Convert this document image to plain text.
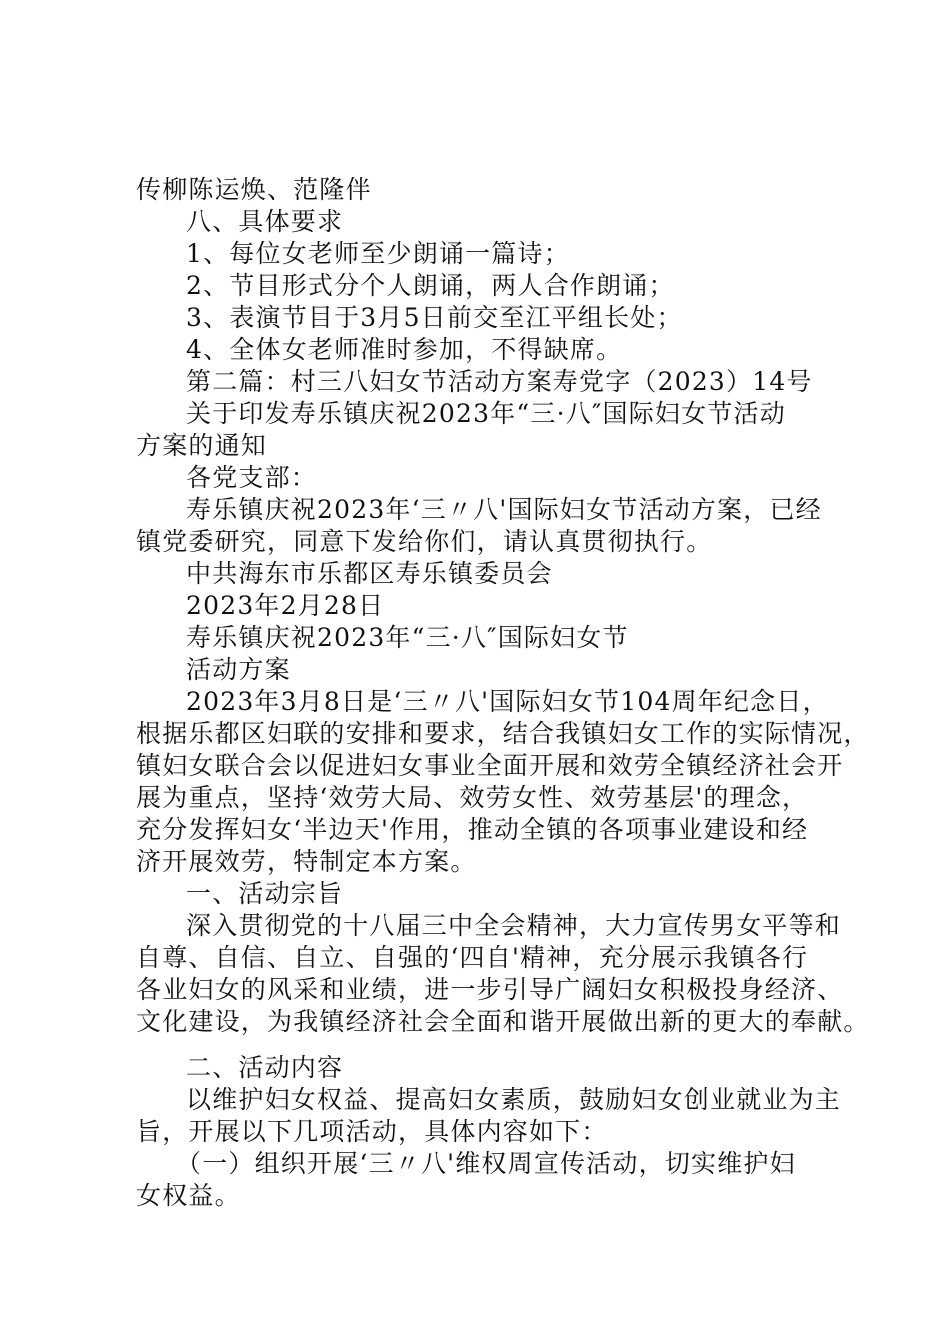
传柳陈运焕、范隆伴
八、具体要求
1、每位女老师至少朗诵一篇诗；
2、节目形式分个人朗诵，两人合作朗诵；
3、表演节目于3月5日前交至江平组长处；
4、全体女老师准时参加，不得缺席。
第二篇：村三八妇女节活动方案寿党字（2023）14号
关于印发寿乐镇庆祝2023年“三·八″国际妇女节活动
方案的通知
各党支部：
寿乐镇庆祝2023年‘三〃八'国际妇女节活动方案，已经
镇党委研究，同意下发给你们，请认真贯彻执行。
中共海东市乐都区寿乐镇委员会
2023年2月28日
寿乐镇庆祝2023年“三·八″国际妇女节
活动方案
2023年3月8日是‘三〃八'国际妇女节104周年纪念日，
根据乐都区妇联的安排和要求，结合我镇妇女工作的实际情况，
镇妇女联合会以促进妇女事业全面开展和效劳全镇经济社会开
展为重点，坚持‘效劳大局、效劳女性、效劳基层'的理念，
充分发挥妇女‘半边天'作用，推动全镇的各项事业建设和经
济开展效劳，特制定本方案。
一、活动宗旨
深入贯彻党的十八届三中全会精神，大力宣传男女平等和
自尊、自信、自立、自强的‘四自'精神，充分展示我镇各行
各业妇女的风采和业绩，进一步引导广阔妇女积极投身经济、
文化建设，为我镇经济社会全面和谐开展做出新的更大的奉献。
二、活动内容
以维护妇女权益、提高妇女素质，鼓励妇女创业就业为主
旨，开展以下几项活动，具体内容如下：
（一）组织开展‘三〃八'维权周宣传活动，切实维护妇
女权益。
